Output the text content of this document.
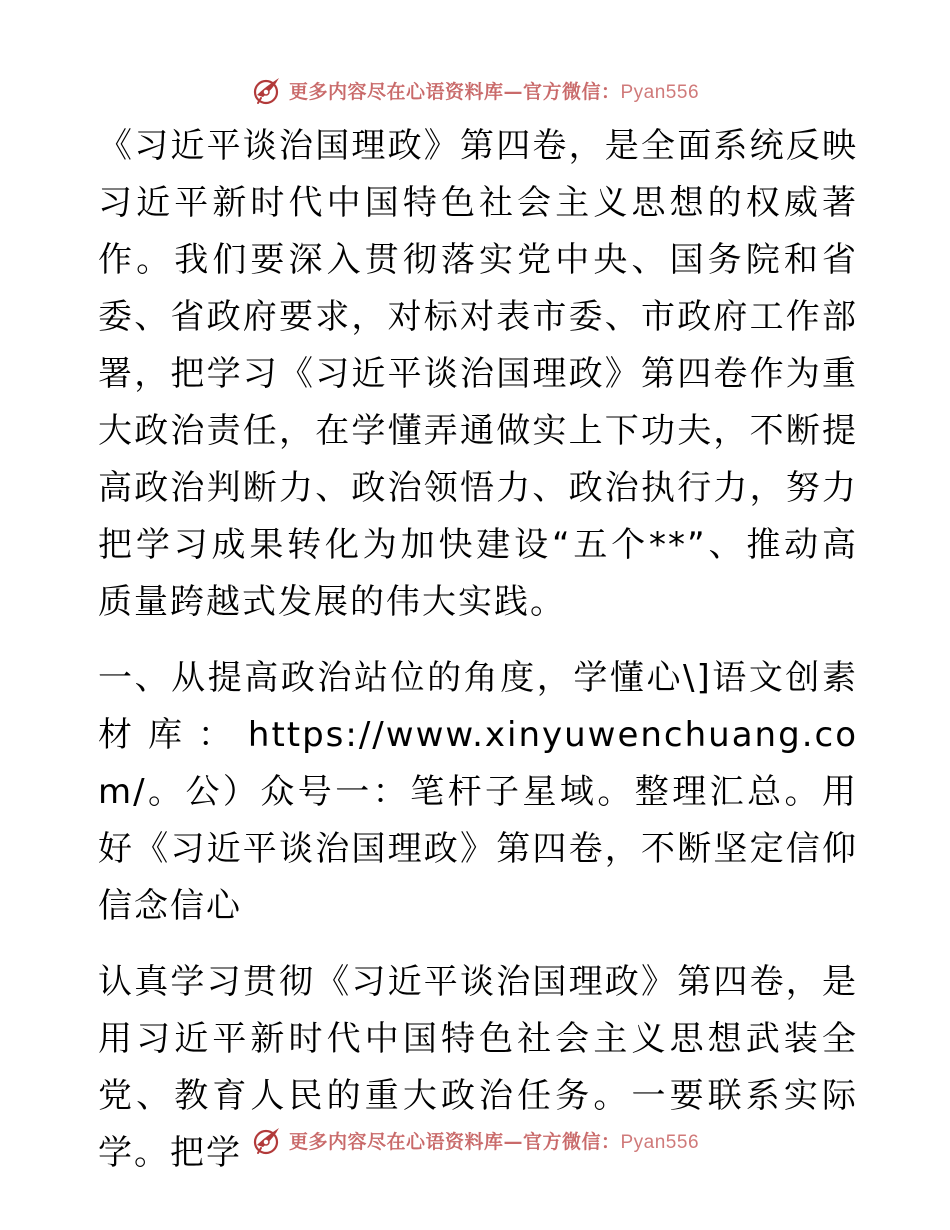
更多内容尽在心语资料库—官方微信：Pyan556

《习近平谈治国理政》第四卷，是全面系统反映习近平新时代中国特色社会主义思想的权威著作。我们要深入贯彻落实党中央、国务院和省委、省政府要求，对标对表市委、市政府工作部署，把学习《习近平谈治国理政》第四卷作为重大政治责任，在学懂弄通做实上下功夫，不断提高政治判断力、政治领悟力、政治执行力，努力把学习成果转化为加快建设“五个**”、推动高质量跨越式发展的伟大实践。

一、从提高政治站位的角度，学懂心\]语文创素材库：https://www.xinyuwenchuang.com/。公）众号一：笔杆子星域。整理汇总。用好《习近平谈治国理政》第四卷，不断坚定信仰信念信心

认真学习贯彻《习近平谈治国理政》第四卷，是用习近平新时代中国特色社会主义思想武装全党、教育人民的重大政治任务。一要联系实际学。把学	更多内容尽在心语资料库—官方微信：Pyan556
